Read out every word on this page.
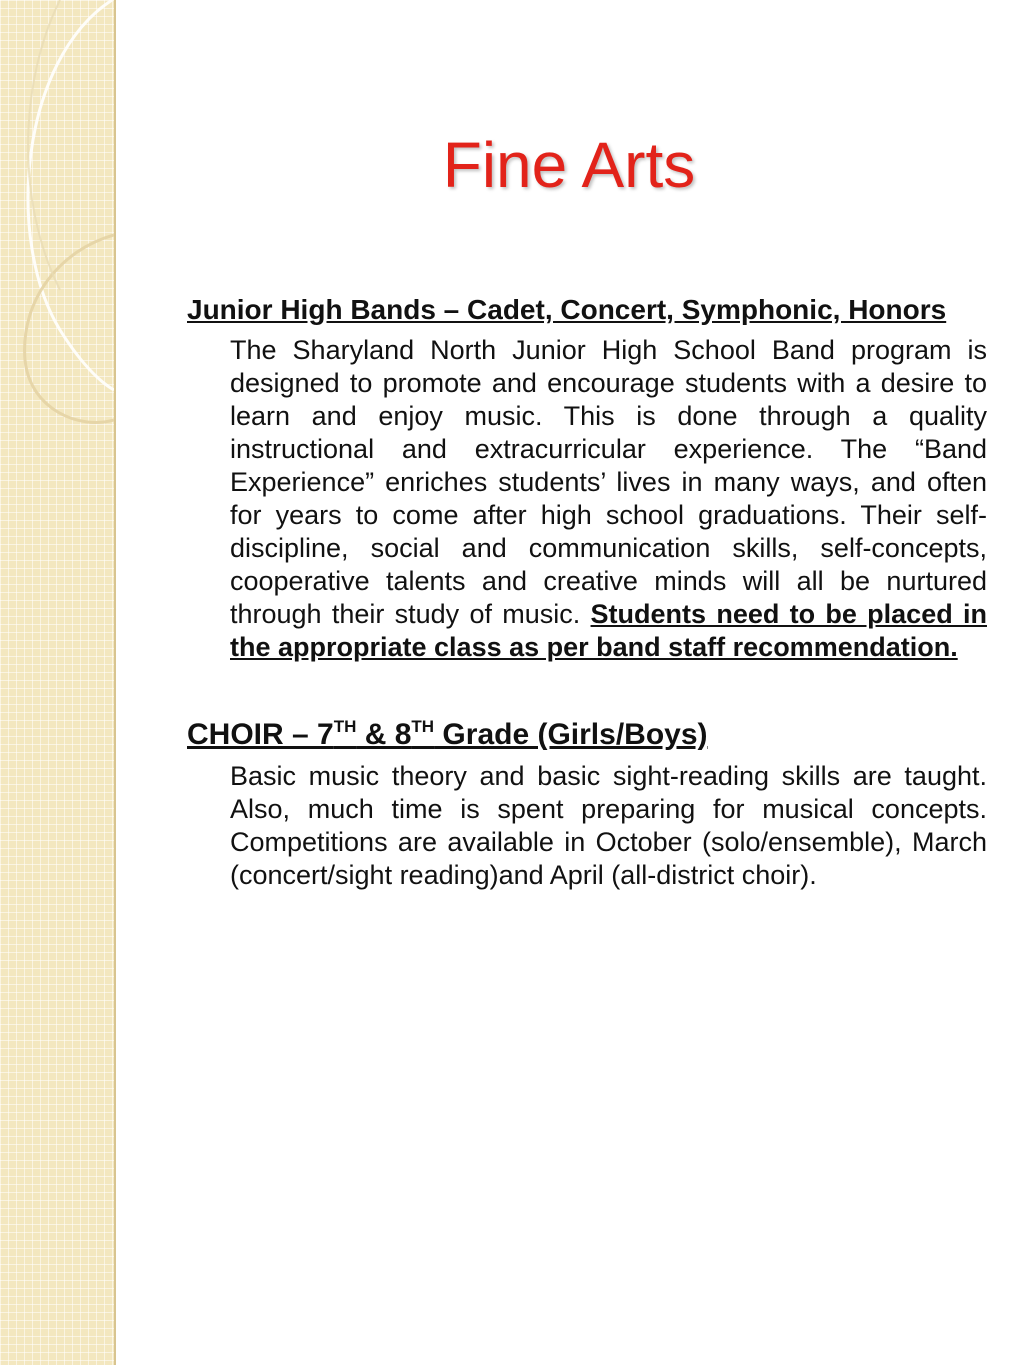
Fine Arts
Junior High Bands – Cadet, Concert, Symphonic, Honors
The Sharyland North Junior High School Band program is designed to promote and encourage students with a desire to learn and enjoy music. This is done through a quality instructional and extracurricular experience. The “Band Experience” enriches students’ lives in many ways, and often for years to come after high school graduations. Their self-discipline, social and communication skills, self-concepts, cooperative talents and creative minds will all be nurtured through their study of music. Students need to be placed in the appropriate class as per band staff recommendation.
CHOIR – 7TH & 8TH Grade (Girls/Boys)
Basic music theory and basic sight-reading skills are taught. Also, much time is spent preparing for musical concepts. Competitions are available in October (solo/ensemble), March (concert/sight reading)and April (all-district choir).
